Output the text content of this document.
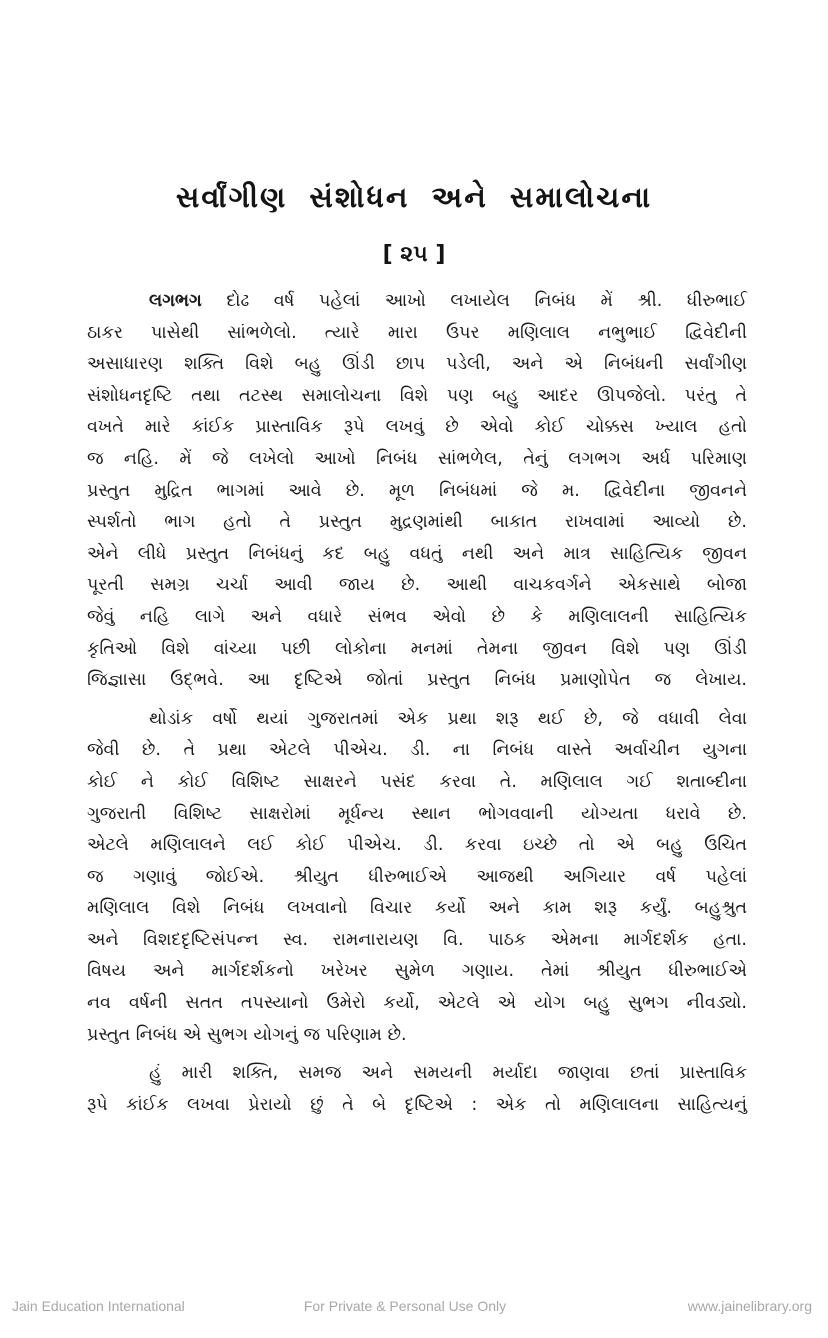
સર્વાંગીણ સંશોધન અને સમાલોચના
[ ૨૫ ]
લગભગ દોઢ વર્ષ પહેલાં આખો લખાયેલ નિબંધ મેં શ્રી. ધીરુભાઈ
ઠાકર પાસેથી સાંભળેલો. ત્યારે મારા ઉપર મણિલાલ નભુભાઈ દ્વિવેદીની
અસાધારણ શક્તિ વિશે બહુ ઊંડી છાપ પડેલી, અને એ નિબંધની સર્વાંગીણ
સંશોધનદૃષ્ટિ તથા તટસ્થ સમાલોચના વિશે પણ બહુ આદર ઊપજેલો. પરંતુ તે
વખતે મારે કાંઈક પ્રાસ્તાવિક રૂપે લખવું છે એવો કોઈ ચોક્કસ ખ્યાલ હતો
જ નહિ. મેં જે લખેલો આખો નિબંધ સાંભળેલ, તેનું લગભગ અર્ધ પરિમાણ
પ્રસ્તુત મુદ્રિત ભાગમાં આવે છે. મૂળ નિબંધમાં જે મ. દ્વિવેદીના જીવનને
સ્પર્શતો ભાગ હતો તે પ્રસ્તુત મુદ્રણમાંથી બાકાત રાખવામાં આવ્યો છે.
એને લીધે પ્રસ્તુત નિબંધનું કદ બહુ વધતું નથી અને માત્ર સાહિત્યિક જીવન
પૂરતી સમગ્ર ચર્ચા આવી જાય છે. આથી વાચકવર્ગને એકસાથે બોજા
જેવું નહિ લાગે અને વધારે સંભવ એવો છે કે મણિલાલની સાહિત્યિક
કૃતિઓ વિશે વાંચ્યા પછી લોકોના મનમાં તેમના જીવન વિશે પણ ઊંડી
જિજ્ઞાસા ઉદ્ભવે. આ દૃષ્ટિએ જોતાં પ્રસ્તુત નિબંધ પ્રમાણોપેત જ લેખાય.
થોડાંક વર્ષો થયાં ગુજરાતમાં એક પ્રથા શરૂ થઈ છે, જે વધાવી લેવા
જેવી છે. તે પ્રથા એટલે પીએચ. ડી. ના નિબંધ વાસ્તે અર્વાચીન યુગના
કોઈ ને કોઈ વિશિષ્ટ સાક્ષરને પસંદ કરવા તે. મણિલાલ ગઈ શતાબ્દીના
ગુજરાતી વિશિષ્ટ સાક્ષરોમાં મૂર્ધન્ય સ્થાન ભોગવવાની યોગ્યતા ધરાવે છે.
એટલે મણિલાલને લઈ કોઈ પીએચ. ડી. કરવા ઇચ્છે તો એ બહુ ઉચિત
જ ગણાવું જોઈએ. શ્રીયુત ધીરુભાઈએ આજથી અગિયાર વર્ષ પહેલાં
મણિલાલ વિશે નિબંધ લખવાનો વિચાર કર્યો અને કામ શરૂ કર્યું. બહુશ્રુત
અને વિશદદૃષ્ટિસંપન્ન સ્વ. રામનારાયણ વિ. પાઠક એમના માર્ગદર્શક હતા.
વિષય અને માર્ગદર્શકનો ખરેખર સુમેળ ગણાય. તેમાં શ્રીયુત ધીરુભાઈએ
નવ વર્ષની સતત તપસ્યાનો ઉમેરો કર્યો, એટલે એ યોગ બહુ સુભગ નીવડ્યો.
પ્રસ્તુત નિબંધ એ સુભગ યોગનું જ પરિણામ છે.
હું મારી શક્તિ, સમજ અને સમયની મર્યાદા જાણવા છતાં પ્રાસ્તાવિક
રૂપે કાંઈક લખવા પ્રેરાયો છું તે બે દૃષ્ટિએ : એક તો મણિલાલના સાહિત્યનું
Jain Education International	For Private & Personal Use Only	www.jainelibrary.org
